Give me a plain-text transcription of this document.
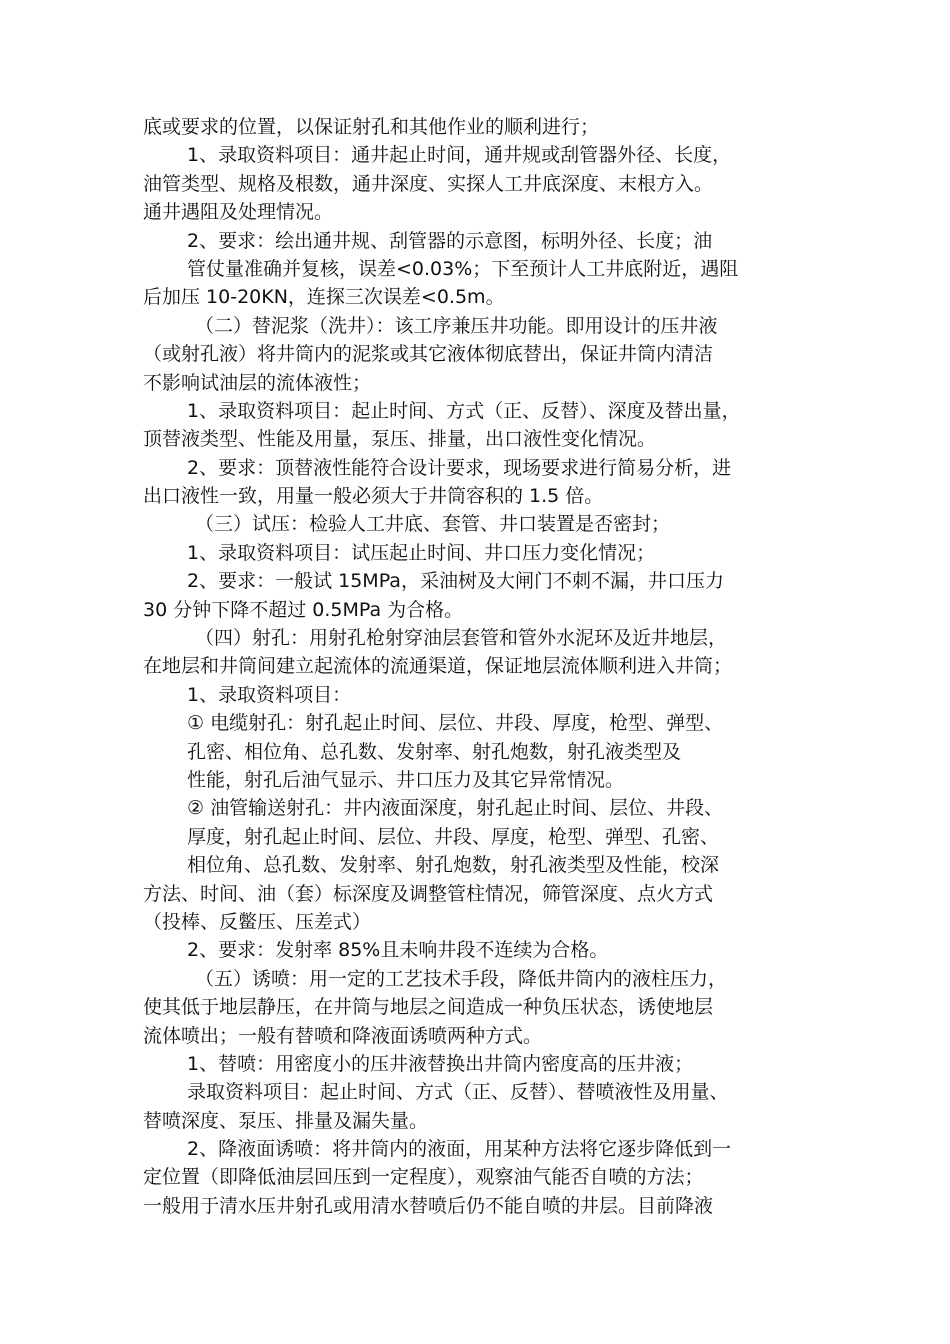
底或要求的位置，以保证射孔和其他作业的顺利进行；
1、录取资料项目：通井起止时间，通井规或刮管器外径、长度，
油管类型、规格及根数，通井深度、实探人工井底深度、末根方入。
通井遇阻及处理情况。
2、要求：绘出通井规、刮管器的示意图，标明外径、长度；油
管仗量准确并复核，误差<0.03%；下至预计人工井底附近，遇阻
后加压 10-20KN，连探三次误差<0.5m。
（二）替泥浆（洗井）：该工序兼压井功能。即用设计的压井液
（或射孔液）将井筒内的泥浆或其它液体彻底替出，保证井筒内清洁
不影响试油层的流体液性；
1、录取资料项目：起止时间、方式（正、反替）、深度及替出量，
顶替液类型、性能及用量，泵压、排量，出口液性变化情况。
2、要求：顶替液性能符合设计要求，现场要求进行简易分析，进
出口液性一致，用量一般必须大于井筒容积的 1.5 倍。
（三）试压：检验人工井底、套管、井口装置是否密封；
1、录取资料项目：试压起止时间、井口压力变化情况；
2、要求：一般试 15MPa，采油树及大闸门不刺不漏，井口压力
30 分钟下降不超过 0.5MPa 为合格。
（四）射孔：用射孔枪射穿油层套管和管外水泥环及近井地层，
在地层和井筒间建立起流体的流通渠道，保证地层流体顺利进入井筒；
1、录取资料项目：
① 电缆射孔：射孔起止时间、层位、井段、厚度，枪型、弹型、
孔密、相位角、总孔数、发射率、射孔炮数，射孔液类型及
性能，射孔后油气显示、井口压力及其它异常情况。
② 油管输送射孔：井内液面深度，射孔起止时间、层位、井段、
厚度，射孔起止时间、层位、井段、厚度，枪型、弹型、孔密、
相位角、总孔数、发射率、射孔炮数，射孔液类型及性能，校深
方法、时间、油（套）标深度及调整管柱情况，筛管深度、点火方式
（投棒、反鳖压、压差式）
2、要求：发射率 85%且未响井段不连续为合格。
（五）诱喷：用一定的工艺技术手段，降低井筒内的液柱压力，
使其低于地层静压，在井筒与地层之间造成一种负压状态，诱使地层
流体喷出；一般有替喷和降液面诱喷两种方式。
1、替喷：用密度小的压井液替换出井筒内密度高的压井液；
录取资料项目：起止时间、方式（正、反替）、替喷液性及用量、
替喷深度、泵压、排量及漏失量。
2、降液面诱喷：将井筒内的液面，用某种方法将它逐步降低到一
定位置（即降低油层回压到一定程度），观察油气能否自喷的方法；
一般用于清水压井射孔或用清水替喷后仍不能自喷的井层。目前降液
